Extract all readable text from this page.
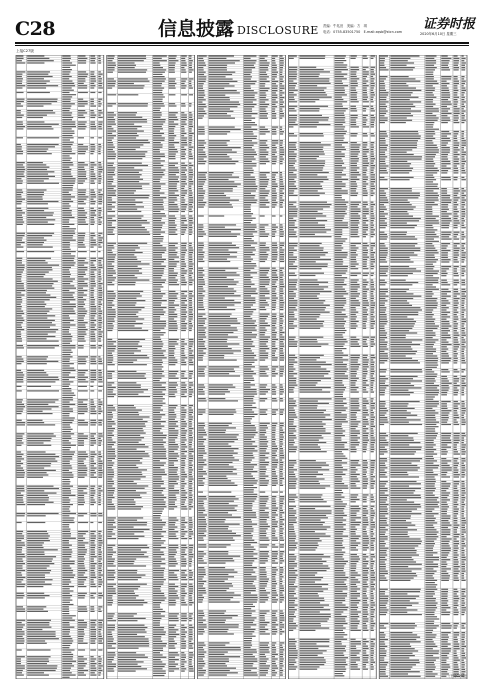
C28	信息披露 DISCLOSURE 责编：牛兆田　美编：方　琪
电话：0755-83501750　E-mail:zqsb@stcn.com 证券时报
2020年6月10日 星期三
上接C27版
（下转C29版）
